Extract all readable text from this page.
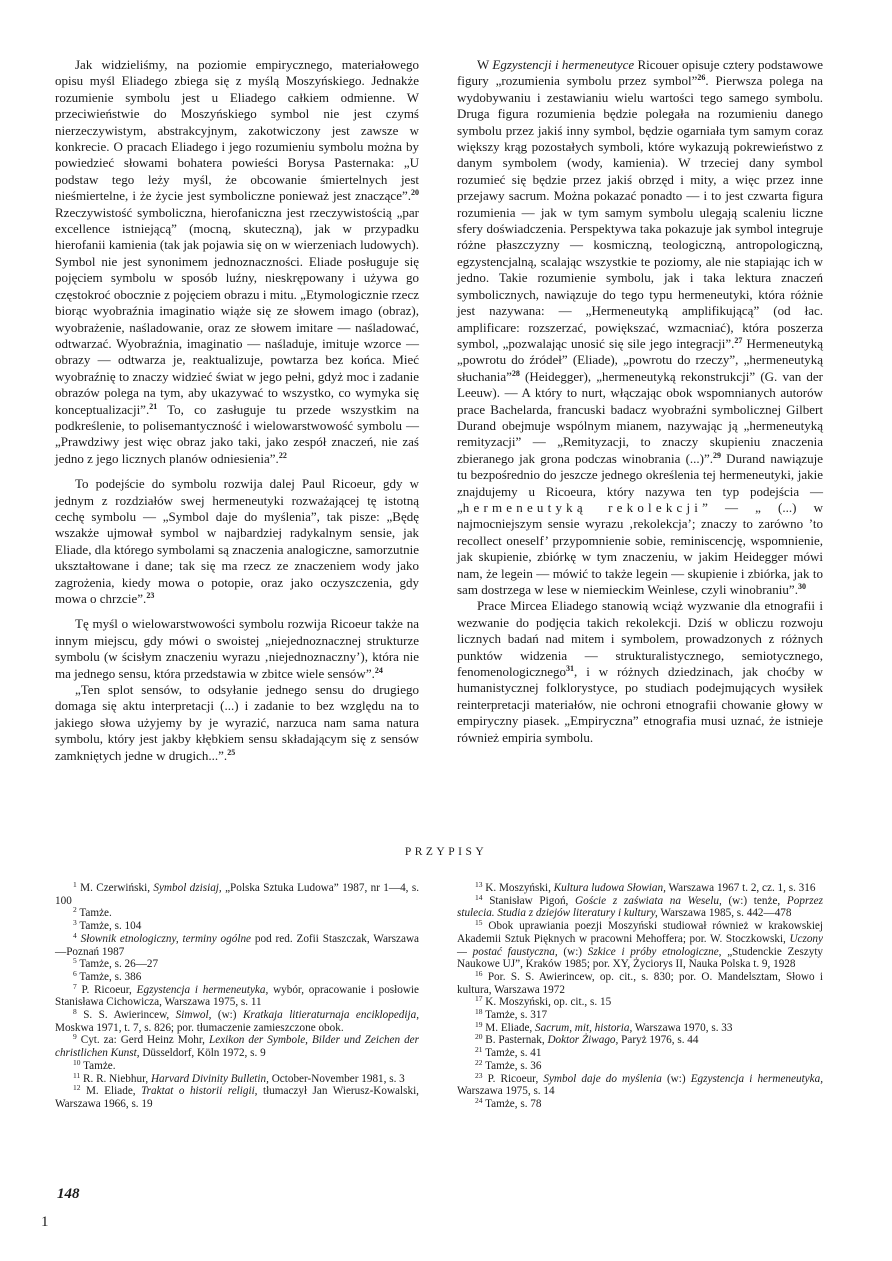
Jak widzieliśmy, na poziomie empirycznego, materiałowego opisu myśl Eliadego zbiega się z myślą Moszyńskiego. Jednakże rozumienie symbolu jest u Eliadego całkiem odmienne. W przeciwieństwie do Moszyńskiego symbol nie jest czymś nierzeczywistym, abstrakcyjnym, zakotwiczony jest zawsze w konkrecie. O pracach Eliadego i jego rozumieniu symbolu można by powiedzieć słowami bohatera powieści Borysa Pasternaka: „U podstaw tego leży myśl, że obcowanie śmiertelnych jest nieśmiertelne, i że życie jest symboliczne ponieważ jest znaczące”.$^{20}$ Rzeczywistość symboliczna, hierofaniczna jest rzeczywistością „par excellence istniejącą” (mocną, skuteczną), jak w przypadku hierofanii kamienia (tak jak pojawia się on w wierzeniach ludowych). Symbol nie jest synonimem jednoznaczności. Eliade posługuje się pojęciem symbolu w sposób luźny, nieskrępowany i używa go częstokroć obocznie z pojęciem obrazu i mitu. „Etymologicznie rzecz biorąc wyobraźnia imaginatio wiąże się ze słowem imago (obraz), wyobrażenie, naśladowanie, oraz ze słowem imitare — naśladować, odtwarzać. Wyobraźnia, imaginatio — naśladuje, imituje wzorce — obrazy — odtwarza je, reaktualizuje, powtarza bez końca. Mieć wyobraźnię to znaczy widzieć świat w jego pełni, gdyż moc i zadanie obrazów polega na tym, aby ukazywać to wszystko, co wymyka się konceptualizacji”.$^{21}$ To, co zasługuje tu przede wszystkim na podkreślenie, to polisemantyczność i wielowarstwowość symbolu — „Prawdziwy jest więc obraz jako taki, jako zespół znaczeń, nie zaś jedno z jego licznych planów odniesienia”.$^{22}$

To podejście do symbolu rozwija dalej Paul Ricoeur, gdy w jednym z rozdziałów swej hermeneutyki rozważającej tę istotną cechę symbolu — „Symbol daje do myślenia”, tak pisze: „Będę wszakże ujmował symbol w najbardziej radykalnym sensie, jak Eliade, dla którego symbolami są znaczenia analogiczne, samorzutnie ukształtowane i dane; tak się ma rzecz ze znaczeniem wody jako zagrożenia, kiedy mowa o potopie, oraz jako oczyszczenia, gdy mowa o chrzcie”.$^{23}$

Tę myśl o wielowarstwowości symbolu rozwija Ricoeur także na innym miejscu, gdy mówi o swoistej „niejednoznacznej strukturze symbolu (w ścisłym znaczeniu wyrazu ‚niejednoznaczny’), która nie ma jednego sensu, która przedstawia w zbitce wiele sensów”.$^{24}$

„Ten splot sensów, to odsyłanie jednego sensu do drugiego domaga się aktu interpretacji (...) i zadanie to bez względu na to jakiego słowa użyjemy by je wyrazić, narzuca nam sama natura symbolu, który jest jakby kłębkiem sensu składającym się z sensów zamkniętych jedne w drugich...”.$^{25}$

W Egzystencji i hermeneutyce Ricouer opisuje cztery podstawowe figury „rozumienia symbolu przez symbol”$^{26}$. Pierwsza polega na wydobywaniu i zestawianiu wielu wartości tego samego symbolu. Druga figura rozumienia będzie polegała na rozumieniu danego symbolu przez jakiś inny symbol, będzie ogarniała tym samym coraz większy krąg pozostałych symboli, które wykazują pokrewieństwo z danym symbolem (wody, kamienia). W trzeciej dany symbol rozumieć się będzie przez jakiś obrzęd i mity, a więc przez inne przejawy sacrum. Można pokazać ponadto — i to jest czwarta figura rozumienia — jak w tym samym symbolu ulegają scaleniu liczne sfery doświadczenia. Perspektywa taka pokazuje jak symbol integruje różne płaszczyzny — kosmiczną, teologiczną, antropologiczną, egzystencjalną, scalając wszystkie te poziomy, ale nie stapiając ich w jedno. Takie rozumienie symbolu, jak i taka lektura znaczeń symbolicznych, nawiązuje do tego typu hermeneutyki, która różnie jest nazywana: — „Hermeneutyką amplifikującą” (od łac. amplificare: rozszerzać, powiększać, wzmacniać), która poszerza symbol, „pozwalając unosić się sile jego integracji”.$^{27}$ Hermeneutyką „powrotu do źródeł” (Eliade), „powrotu do rzeczy”, „hermeneutyką słuchania”$^{28}$ (Heidegger), „hermeneutyką rekonstrukcji” (G. van der Leeuw). — A który to nurt, włączając obok wspomnianych autorów prace Bachelarda, francuski badacz wyobraźni symbolicznej Gilbert Durand obejmuje wspólnym mianem, nazywając ją „hermeneutyką remityzacji” — „Remityzacji, to znaczy skupieniu znaczenia zbieranego jak grona podczas winobrania (...)”.$^{29}$ Durand nawiązuje tu bezpośrednio do jeszcze jednego określenia tej hermeneutyki, jakie znajdujemy u Ricoeura, który nazywa ten typ podejścia — „hermeneutyką rekolekcji” — „ (...) w najmocniejszym sensie wyrazu ‚rekolekcja’; znaczy to zarówno ’to recollect oneself’ przypomnienie sobie, reminiscencję, wspomnienie, jak skupienie, zbiórkę w tym znaczeniu, w jakim Heidegger mówi nam, że legein — mówić to także legein — skupienie i zbiórka, jak to sam dostrzega w lese w niemieckim Weinlese, czyli winobraniu”.$^{30}$

Prace Mircea Eliadego stanowią wciąż wyzwanie dla etnografii i wezwanie do podjęcia takich rekolekcji. Dziś w obliczu rozwoju licznych badań nad mitem i symbolem, prowadzonych z różnych punktów widzenia — strukturalistycznego, semiotycznego, fenomenologicznego$^{31}$, i w różnych dziedzinach, jak choćby w humanistycznej folklorystyce, po studiach podejmujących wysiłek reinterpretacji materiałów, nie ochroni etnografii chowanie głowy w empiryczny piasek. „Empiryczna” etnografia musi uznać, że istnieje również empiria symbolu.

PRZYPISY

$^1$ M. Czerwiński, Symbol dzisiaj, „Polska Sztuka Ludowa” 1987, nr 1—4, s. 100

$^2$ Tamże.

$^3$ Tamże, s. 104

$^4$ Słownik etnologiczny, terminy ogólne pod red. Zofii Staszczak, Warszawa—Poznań 1987

$^5$ Tamże, s. 26—27

$^6$ Tamże, s. 386

$^7$ P. Ricoeur, Egzystencja i hermeneutyka, wybór, opracowanie i posłowie Stanisława Cichowicza, Warszawa 1975, s. 11

$^8$ S. S. Awierincew, Simwol, (w:) Kratkaja litieraturnaja enciklopedija, Moskwa 1971, t. 7, s. 826; por. tłumaczenie zamieszczone obok.

$^9$ Cyt. za: Gerd Heinz Mohr, Lexikon der Symbole, Bilder und Zeichen der christlichen Kunst, Düsseldorf, Köln 1972, s. 9

$^{10}$ Tamże.

$^{11}$ R. R. Niebhur, Harvard Divinity Bulletin, October-November 1981, s. 3

$^{12}$ M. Eliade, Traktat o historii religii, tłumaczył Jan Wierusz-Kowalski, Warszawa 1966, s. 19

$^{13}$ K. Moszyński, Kultura ludowa Słowian, Warszawa 1967 t. 2, cz. 1, s. 316

$^{14}$ Stanisław Pigoń, Goście z zaświata na Weselu, (w:) tenże, Poprzez stulecia. Studia z dziejów literatury i kultury, Warszawa 1985, s. 442—478

$^{15}$ Obok uprawiania poezji Moszyński studiował również w krakowskiej Akademii Sztuk Pięknych w pracowni Mehoffera; por. W. Stoczkowski, Uczony — postać faustyczna, (w:) Szkice i próby etnologiczne, „Studenckie Zeszyty Naukowe UJ”, Kraków 1985; por. XY, Życiorys II, Nauka Polska t. 9, 1928

$^{16}$ Por. S. S. Awierincew, op. cit., s. 830; por. O. Mandelsztam, Słowo i kultura, Warszawa 1972

$^{17}$ K. Moszyński, op. cit., s. 15

$^{18}$ Tamże, s. 317

$^{19}$ M. Eliade, Sacrum, mit, historia, Warszawa 1970, s. 33

$^{20}$ B. Pasternak, Doktor Żiwago, Paryż 1976, s. 44

$^{21}$ Tamże, s. 41

$^{22}$ Tamże, s. 36

$^{23}$ P. Ricoeur, Symbol daje do myślenia (w:) Egzystencja i hermeneutyka, Warszawa 1975, s. 14

$^{24}$ Tamże, s. 78

148
1
